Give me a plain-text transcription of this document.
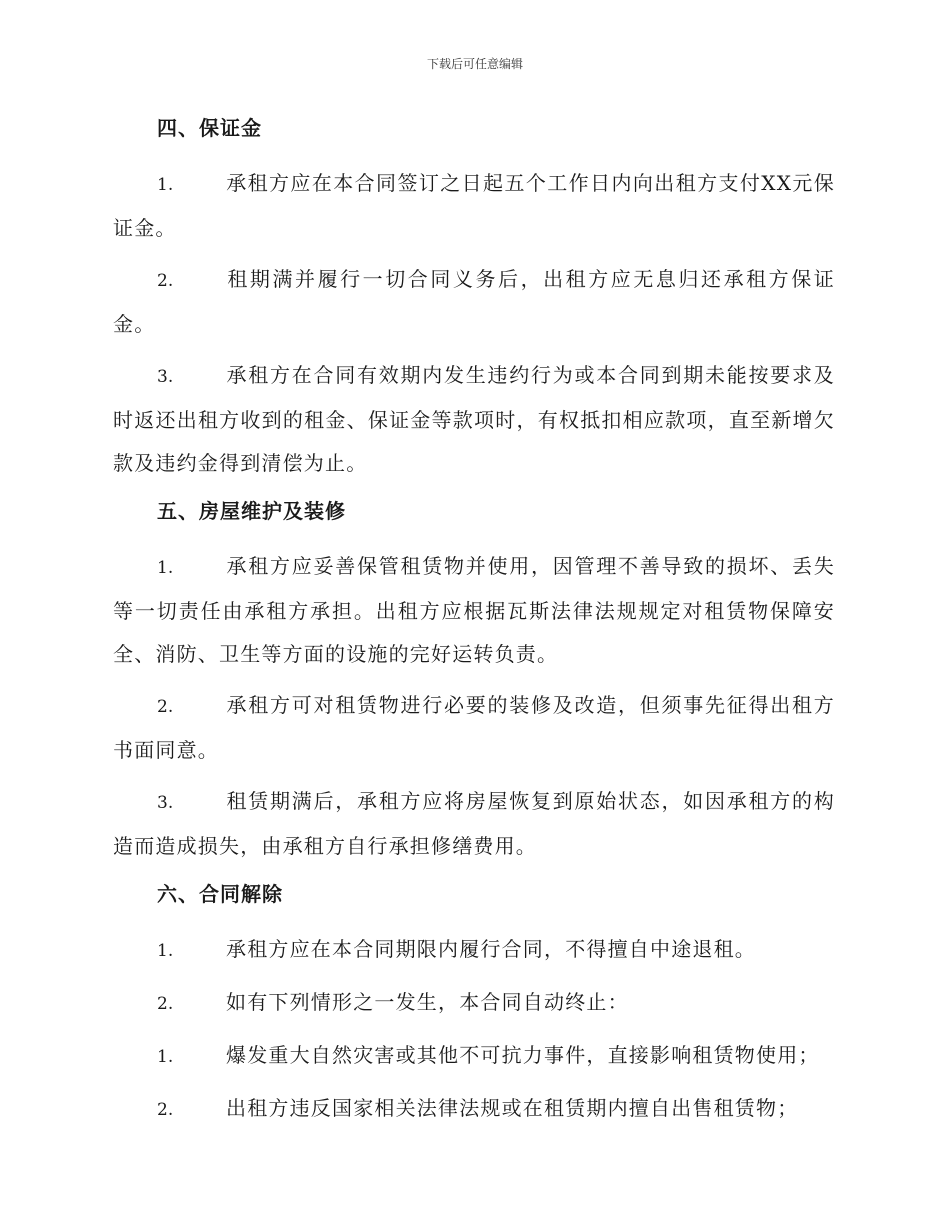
下载后可任意编辑
四、保证金
1.	承租方应在本合同签订之日起五个工作日内向出租方支付XX元保证金。
2.	租期满并履行一切合同义务后，出租方应无息归还承租方保证金。
3.	承租方在合同有效期内发生违约行为或本合同到期未能按要求及时返还出租方收到的租金、保证金等款项时，有权抵扣相应款项，直至新增欠款及违约金得到清偿为止。
五、房屋维护及装修
1.	承租方应妥善保管租赁物并使用，因管理不善导致的损坏、丢失等一切责任由承租方承担。出租方应根据瓦斯法律法规规定对租赁物保障安全、消防、卫生等方面的设施的完好运转负责。
2.	承租方可对租赁物进行必要的装修及改造，但须事先征得出租方书面同意。
3.	租赁期满后，承租方应将房屋恢复到原始状态，如因承租方的构造而造成损失，由承租方自行承担修缮费用。
六、合同解除
1.	承租方应在本合同期限内履行合同，不得擅自中途退租。
2.	如有下列情形之一发生，本合同自动终止：
1.	爆发重大自然灾害或其他不可抗力事件，直接影响租赁物使用；
2.	出租方违反国家相关法律法规或在租赁期内擅自出售租赁物；
